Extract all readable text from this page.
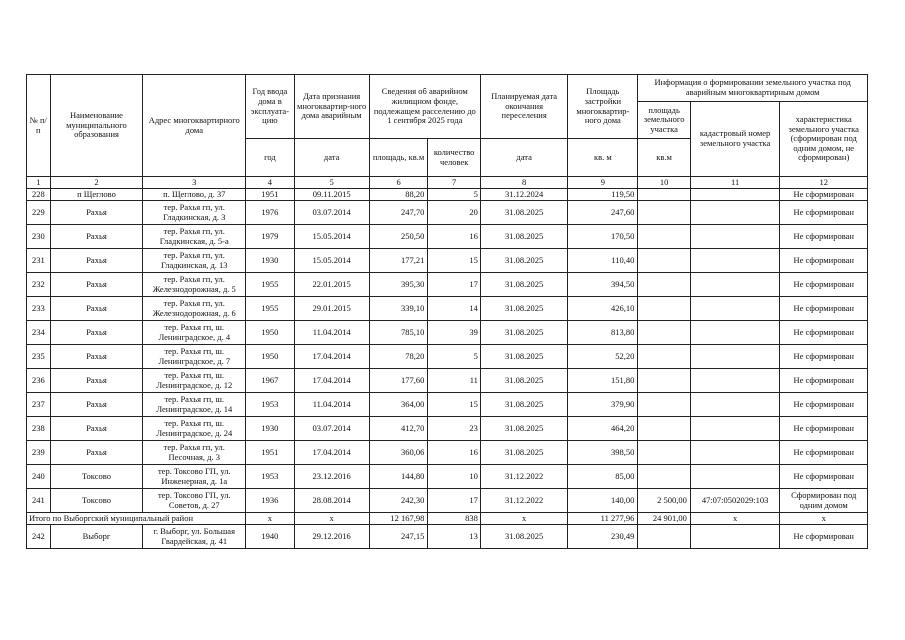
№ п/п	Наименование муниципального образования	Адрес многоквартирного дома	Год ввода дома в эксплуата-цию	Дата признания многоквартир-ного дома аварийным	Сведения об аварийном жилищном фонде, подлежащем расселению до 1 сентября 2025 года		Планируемая дата окончания переселения	Площадь застройки многоквартир-ного дома	Информация о формировании земельного участка под аварийным многоквартирным домом		
									площадь земельного участка	кадастровый номер земельного участка	характеристика земельного участка (сформирован под одним домом, не сформирован)
			год	дата	площадь, кв.м	количество человек	дата	кв. м	кв.м		
1	2	3	4	5	6	7	8	9	10	11	12
228	п Щеглово	п. Щеглово, д. 37	1951	09.11.2015	88,20	5	31.12.2024	119,50			Не сформирован
229	Рахья	тер. Рахья гп, ул. Гладкинская, д. 3	1976	03.07.2014	247,70	20	31.08.2025	247,60			Не сформирован
230	Рахья	тер. Рахья гп, ул. Гладкинская, д. 5-а	1979	15.05.2014	250,50	16	31.08.2025	170,50			Не сформирован
231	Рахья	тер. Рахья гп, ул. Гладкинская, д. 13	1930	15.05.2014	177,21	15	31.08.2025	110,40			Не сформирован
232	Рахья	тер. Рахья гп, ул. Железнодорожная, д. 5	1955	22.01.2015	395,30	17	31.08.2025	394,50			Не сформирован
233	Рахья	тер. Рахья гп, ул. Железнодорожная, д. 6	1955	29.01.2015	339,10	14	31.08.2025	426,10			Не сформирован
234	Рахья	тер. Рахья гп, ш. Ленинградское, д. 4	1950	11.04.2014	785,10	39	31.08.2025	813,80			Не сформирован
235	Рахья	тер. Рахья гп, ш. Ленинградское, д. 7	1950	17.04.2014	78,20	5	31.08.2025	52,20			Не сформирован
236	Рахья	тер. Рахья гп, ш. Ленинградское, д. 12	1967	17.04.2014	177,60	11	31.08.2025	151,80			Не сформирован
237	Рахья	тер. Рахья гп, ш. Ленинградское, д. 14	1953	11.04.2014	364,00	15	31.08.2025	379,90			Не сформирован
238	Рахья	тер. Рахья гп, ш. Ленинградское, д. 24	1930	03.07.2014	412,70	23	31.08.2025	464,20			Не сформирован
239	Рахья	тер. Рахья гп, ул. Песочная, д. 3	1951	17.04.2014	360,06	16	31.08.2025	398,50			Не сформирован
240	Токсово	тер. Токсово ГП, ул. Инженерная, д. 1а	1953	23.12.2016	144,80	10	31.12.2022	85,00			Не сформирован
241	Токсово	тер. Токсово ГП, ул. Советов, д. 27	1936	28.08.2014	242,30	17	31.12.2022	140,00	2 500,00	47:07:0502029:103	Сформирован под одним домом
Итого по Выборгский муниципальный район			x	x	12 167,98	838	x	11 277,96	24 901,00	x	x
242	Выборг	г. Выборг, ул. Большая Гвардейская, д. 41	1940	29.12.2016	247,15	13	31.08.2025	230,49			Не сформирован
